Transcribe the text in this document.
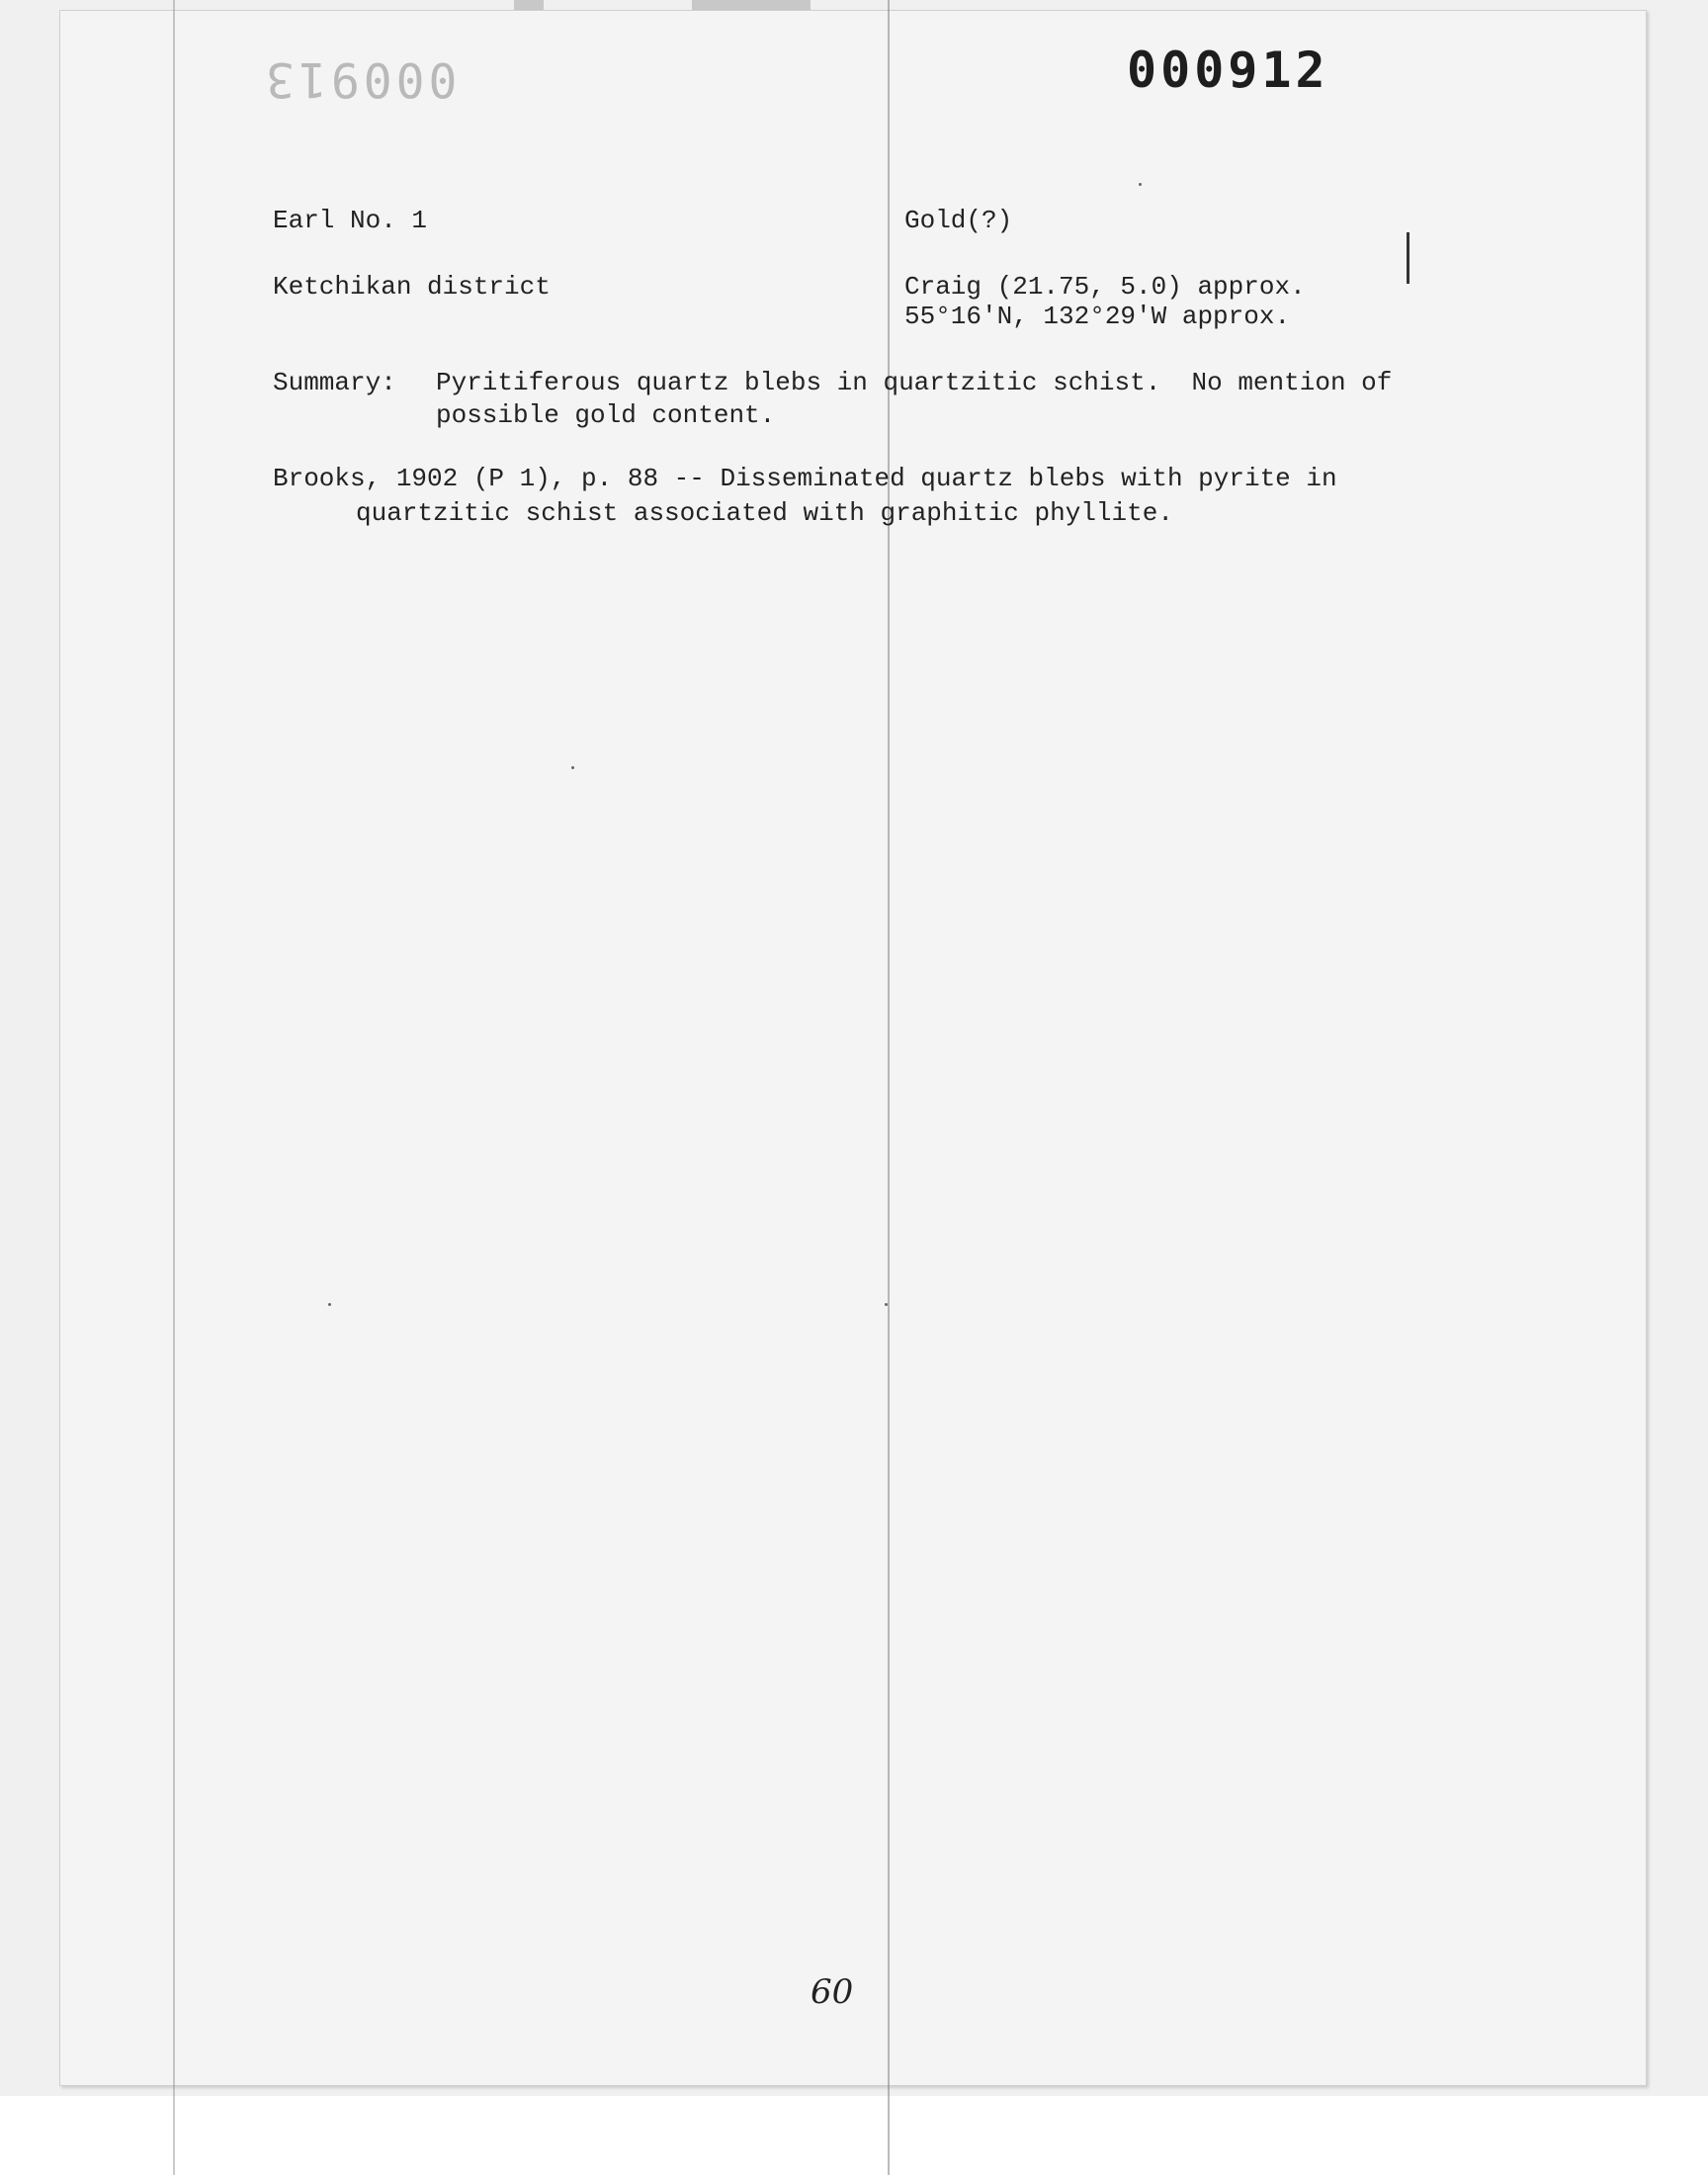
000913	000912
Earl No. 1	Gold(?)
Ketchikan district	Craig (21.75, 5.0) approx.
55°16'N, 132°29'W approx.
Summary: Pyritiferous quartz blebs in quartzitic schist.  No mention of
possible gold content.
Brooks, 1902 (P 1), p. 88 -- Disseminated quartz blebs with pyrite in
quartzitic schist associated with graphitic phyllite.
60
